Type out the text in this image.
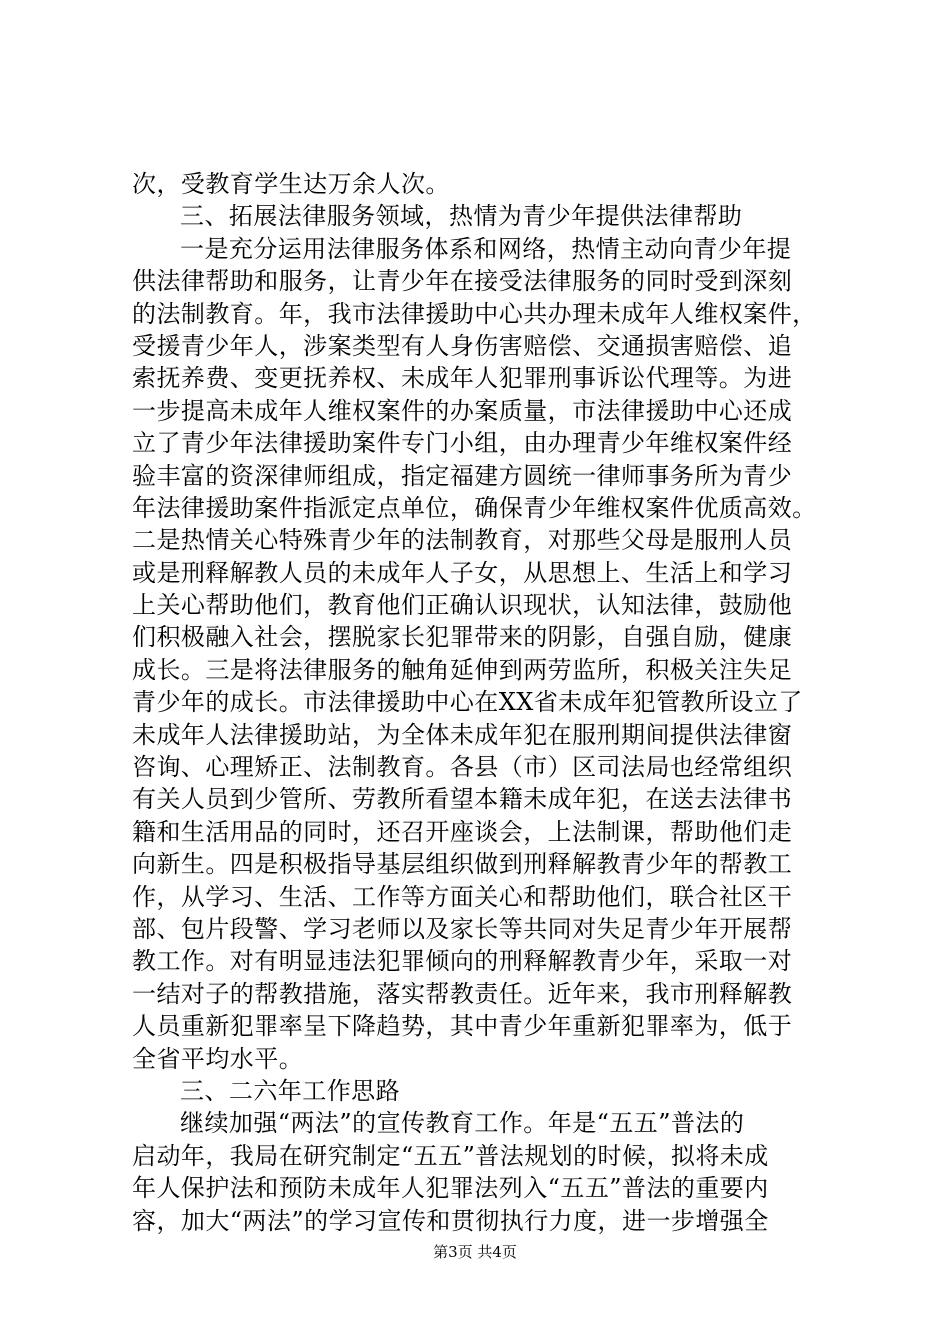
次，受教育学生达万余人次。
三、拓展法律服务领域，热情为青少年提供法律帮助
一是充分运用法律服务体系和网络，热情主动向青少年提
供法律帮助和服务，让青少年在接受法律服务的同时受到深刻
的法制教育。年，我市法律援助中心共办理未成年人维权案件，
受援青少年人，涉案类型有人身伤害赔偿、交通损害赔偿、追
索抚养费、变更抚养权、未成年人犯罪刑事诉讼代理等。为进
一步提高未成年人维权案件的办案质量，市法律援助中心还成
立了青少年法律援助案件专门小组，由办理青少年维权案件经
验丰富的资深律师组成，指定福建方圆统一律师事务所为青少
年法律援助案件指派定点单位，确保青少年维权案件优质高效。
二是热情关心特殊青少年的法制教育，对那些父母是服刑人员
或是刑释解教人员的未成年人子女，从思想上、生活上和学习
上关心帮助他们，教育他们正确认识现状，认知法律，鼓励他
们积极融入社会，摆脱家长犯罪带来的阴影，自强自励，健康
成长。三是将法律服务的触角延伸到两劳监所，积极关注失足
青少年的成长。市法律援助中心在XX省未成年犯管教所设立了
未成年人法律援助站，为全体未成年犯在服刑期间提供法律窗
咨询、心理矫正、法制教育。各县（市）区司法局也经常组织
有关人员到少管所、劳教所看望本籍未成年犯，在送去法律书
籍和生活用品的同时，还召开座谈会，上法制课，帮助他们走
向新生。四是积极指导基层组织做到刑释解教青少年的帮教工
作，从学习、生活、工作等方面关心和帮助他们，联合社区干
部、包片段警、学习老师以及家长等共同对失足青少年开展帮
教工作。对有明显违法犯罪倾向的刑释解教青少年，采取一对
一结对子的帮教措施，落实帮教责任。近年来，我市刑释解教
人员重新犯罪率呈下降趋势，其中青少年重新犯罪率为，低于
全省平均水平。
三、二六年工作思路
继续加强“两法”的宣传教育工作。年是“五五”普法的
启动年，我局在研究制定“五五”普法规划的时候，拟将未成
年人保护法和预防未成年人犯罪法列入“五五”普法的重要内
容，加大“两法”的学习宣传和贯彻执行力度，进一步增强全
第3页 共4页
